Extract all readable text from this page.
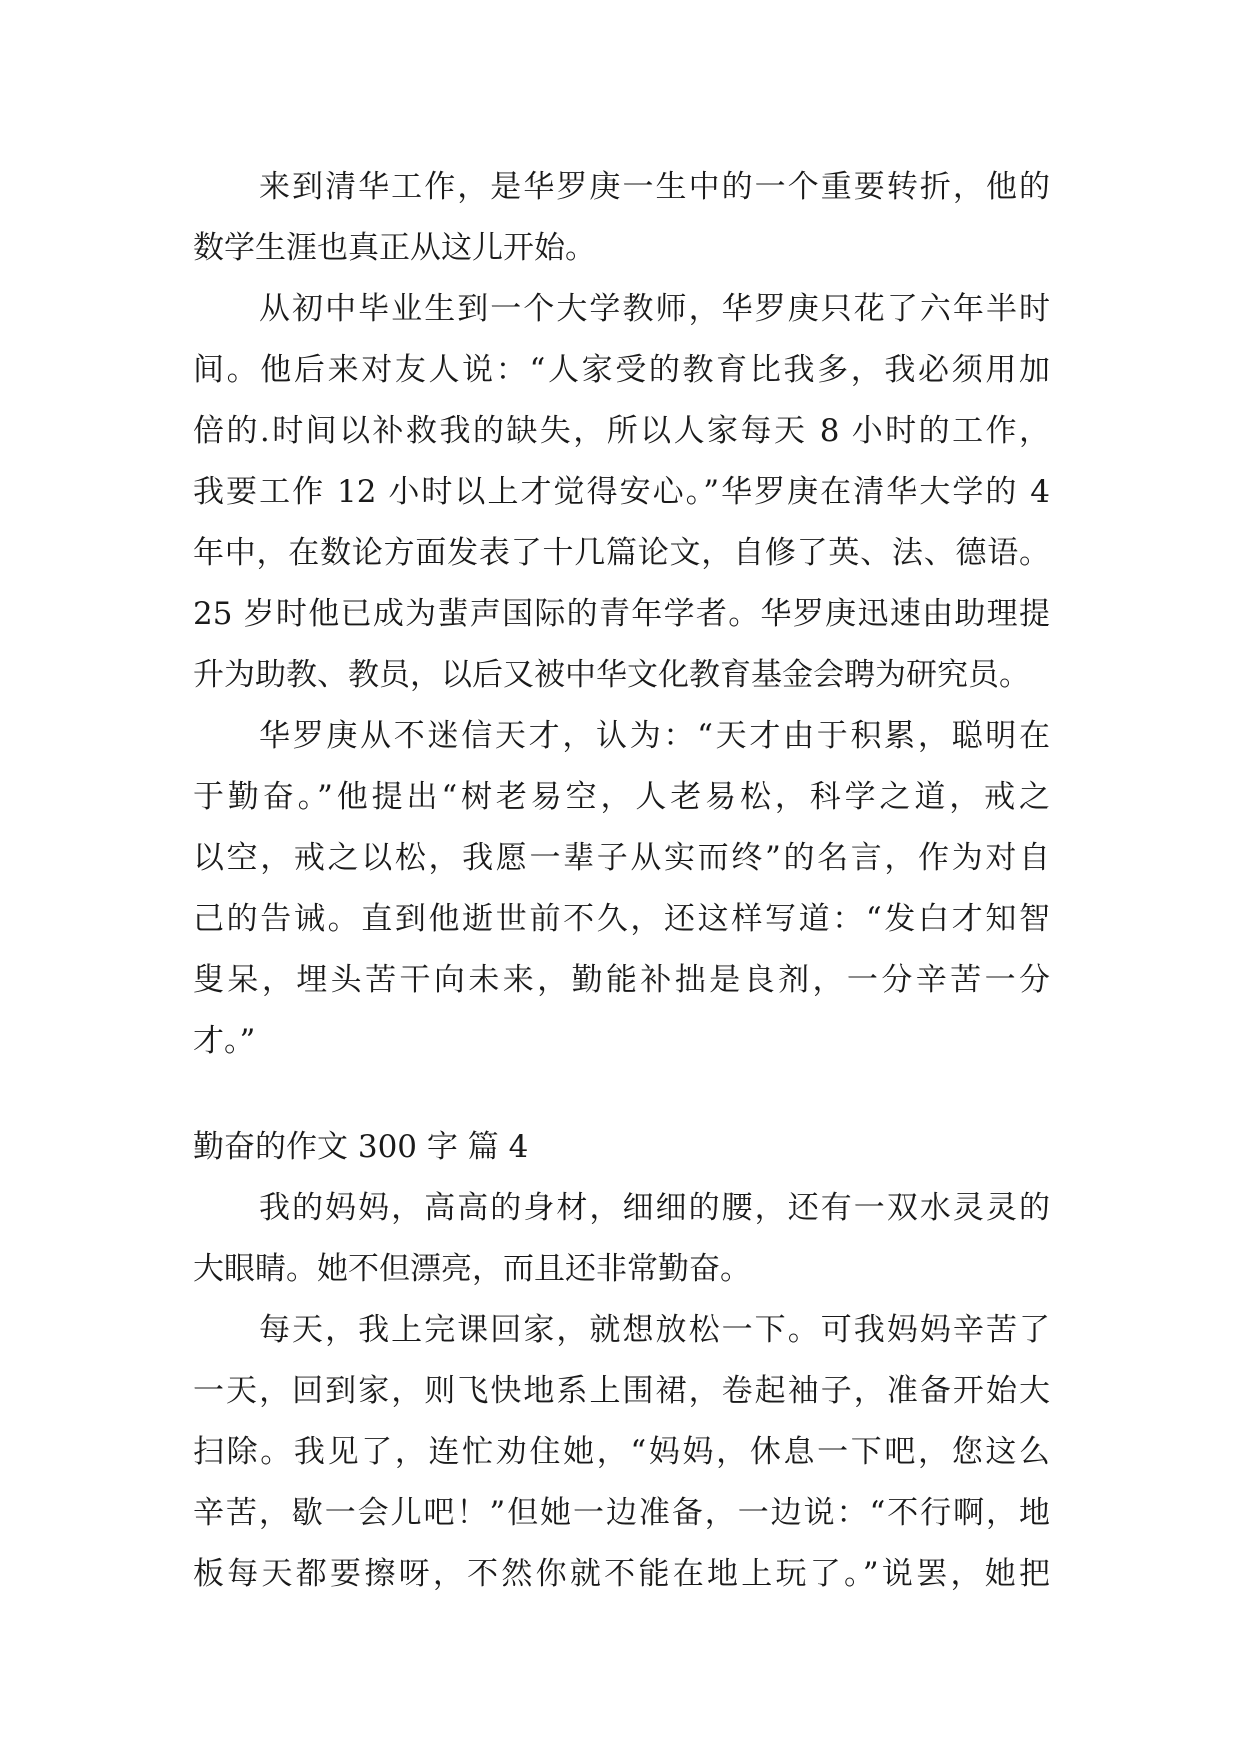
来到清华工作，是华罗庚一生中的一个重要转折，他的

数学生涯也真正从这儿开始。

从初中毕业生到一个大学教师，华罗庚只花了六年半时

间。他后来对友人说：“人家受的教育比我多，我必须用加

倍的.时间以补救我的缺失，所以人家每天 8 小时的工作，

我要工作 12 小时以上才觉得安心。”华罗庚在清华大学的 4

年中，在数论方面发表了十几篇论文，自修了英、法、德语。

25 岁时他已成为蜚声国际的青年学者。华罗庚迅速由助理提

升为助教、教员，以后又被中华文化教育基金会聘为研究员。

华罗庚从不迷信天才，认为：“天才由于积累，聪明在

于勤奋。”他提出“树老易空，人老易松，科学之道，戒之

以空，戒之以松，我愿一辈子从实而终”的名言，作为对自

己的告诫。直到他逝世前不久，还这样写道：“发白才知智

叟呆，埋头苦干向未来，勤能补拙是良剂，一分辛苦一分

才。”

勤奋的作文 300 字 篇 4

我的妈妈，高高的身材，细细的腰，还有一双水灵灵的

大眼睛。她不但漂亮，而且还非常勤奋。

每天，我上完课回家，就想放松一下。可我妈妈辛苦了

一天，回到家，则飞快地系上围裙，卷起袖子，准备开始大

扫除。我见了，连忙劝住她，“妈妈，休息一下吧，您这么

辛苦，歇一会儿吧！”但她一边准备，一边说：“不行啊，地

板每天都要擦呀，不然你就不能在地上玩了。”说罢，她把
